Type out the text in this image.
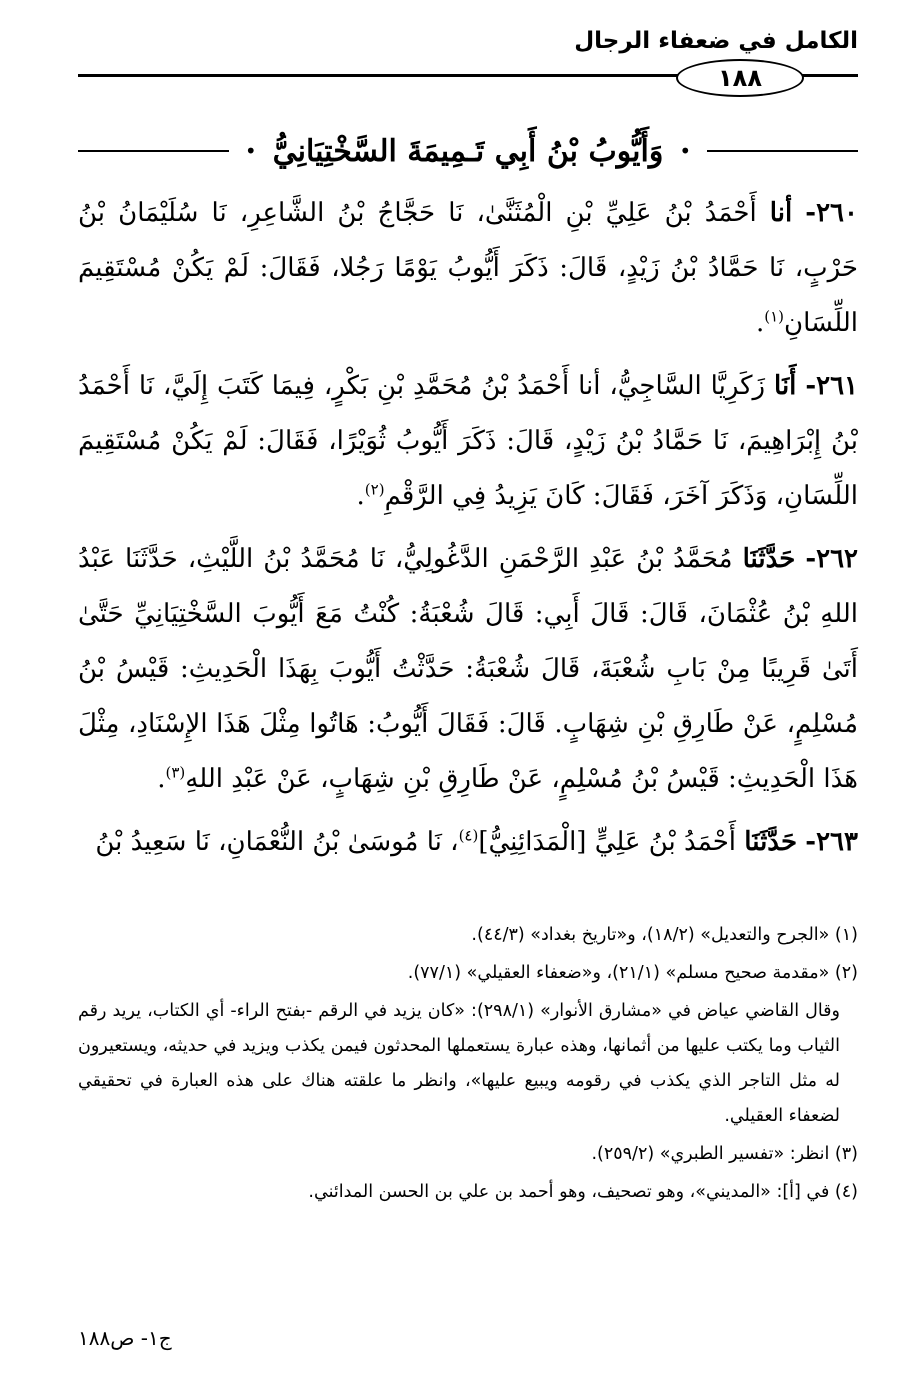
الكامل في ضعفاء الرجال
١٨٨
•
وَأَيُّوبُ بْنُ أَبِي تَـمِيمَةَ السَّخْتِيَانِيُّ
•

٢٦٠- أنا أَحْمَدُ بْنُ عَلِيِّ بْنِ الْمُثَنَّىٰ، نَا حَجَّاجُ بْنُ الشَّاعِرِ، نَا سُلَيْمَانُ بْنُ حَرْبٍ، نَا حَمَّادُ بْنُ زَيْدٍ، قَالَ: ذَكَرَ أَيُّوبُ يَوْمًا رَجُلا، فَقَالَ: لَمْ يَكُنْ مُسْتَقِيمَ اللِّسَانِ$^{(١)}$.

٢٦١- أَنَا زَكَرِيَّا السَّاجِيُّ، أنا أَحْمَدُ بْنُ مُحَمَّدِ بْنِ بَكْرٍ، فِيمَا كَتَبَ إِلَيَّ، نَا أَحْمَدُ بْنُ إِبْرَاهِيمَ، نَا حَمَّادُ بْنُ زَيْدٍ، قَالَ: ذَكَرَ أَيُّوبُ ثُوَيْرًا، فَقَالَ: لَمْ يَكُنْ مُسْتَقِيمَ اللِّسَانِ، وَذَكَرَ آخَرَ، فَقَالَ: كَانَ يَزِيدُ فِي الرَّقْمِ$^{(٢)}$.

٢٦٢- حَدَّثَنَا مُحَمَّدُ بْنُ عَبْدِ الرَّحْمَنِ الدَّغُولِيُّ، نَا مُحَمَّدُ بْنُ اللَّيْثِ، حَدَّثَنَا عَبْدُ اللهِ بْنُ عُثْمَانَ، قَالَ: قَالَ أَبِي: قَالَ شُعْبَةُ: كُنْتُ مَعَ أَيُّوبَ السَّخْتِيَانِيِّ حَتَّىٰ أَتَىٰ قَرِيبًا مِنْ بَابِ شُعْبَةَ، قَالَ شُعْبَةُ: حَدَّثْتُ أَيُّوبَ بِهَذَا الْحَدِيثِ: قَيْسُ بْنُ مُسْلِمٍ، عَنْ طَارِقِ بْنِ شِهَابٍ. قَالَ: فَقَالَ أَيُّوبُ: هَاتُوا مِثْلَ هَذَا الإِسْنَادِ، مِثْلَ هَذَا الْحَدِيثِ: قَيْسُ بْنُ مُسْلِمٍ، عَنْ طَارِقِ بْنِ شِهَابٍ، عَنْ عَبْدِ اللهِ$^{(٣)}$.

٢٦٣- حَدَّثَنَا أَحْمَدُ بْنُ عَلِيٍّ [الْمَدَائِنِيُّ]$^{(٤)}$، نَا مُوسَىٰ بْنُ النُّعْمَانِ، نَا سَعِيدُ بْنُ

(١) «الجرح والتعديل» (١٨/٢)، و«تاريخ بغداد» (٤٤/٣).

(٢) «مقدمة صحيح مسلم» (٢١/١)، و«ضعفاء العقيلي» (٧٧/١).

وقال القاضي عياض في «مشارق الأنوار» (٢٩٨/١): «كان يزيد في الرقم -بفتح الراء- أي الكتاب، يريد رقم الثياب وما يكتب عليها من أثمانها، وهذه عبارة يستعملها المحدثون فيمن يكذب ويزيد في حديثه، ويستعيرون له مثل التاجر الذي يكذب في رقومه ويبيع عليها»، وانظر ما علقته هناك على هذه العبارة في تحقيقي لضعفاء العقيلي.

(٣) انظر: «تفسير الطبري» (٢٥٩/٢).

(٤) في [أ]: «المديني»، وهو تصحيف، وهو أحمد بن علي بن الحسن المدائني.

ج١- ص١٨٨
